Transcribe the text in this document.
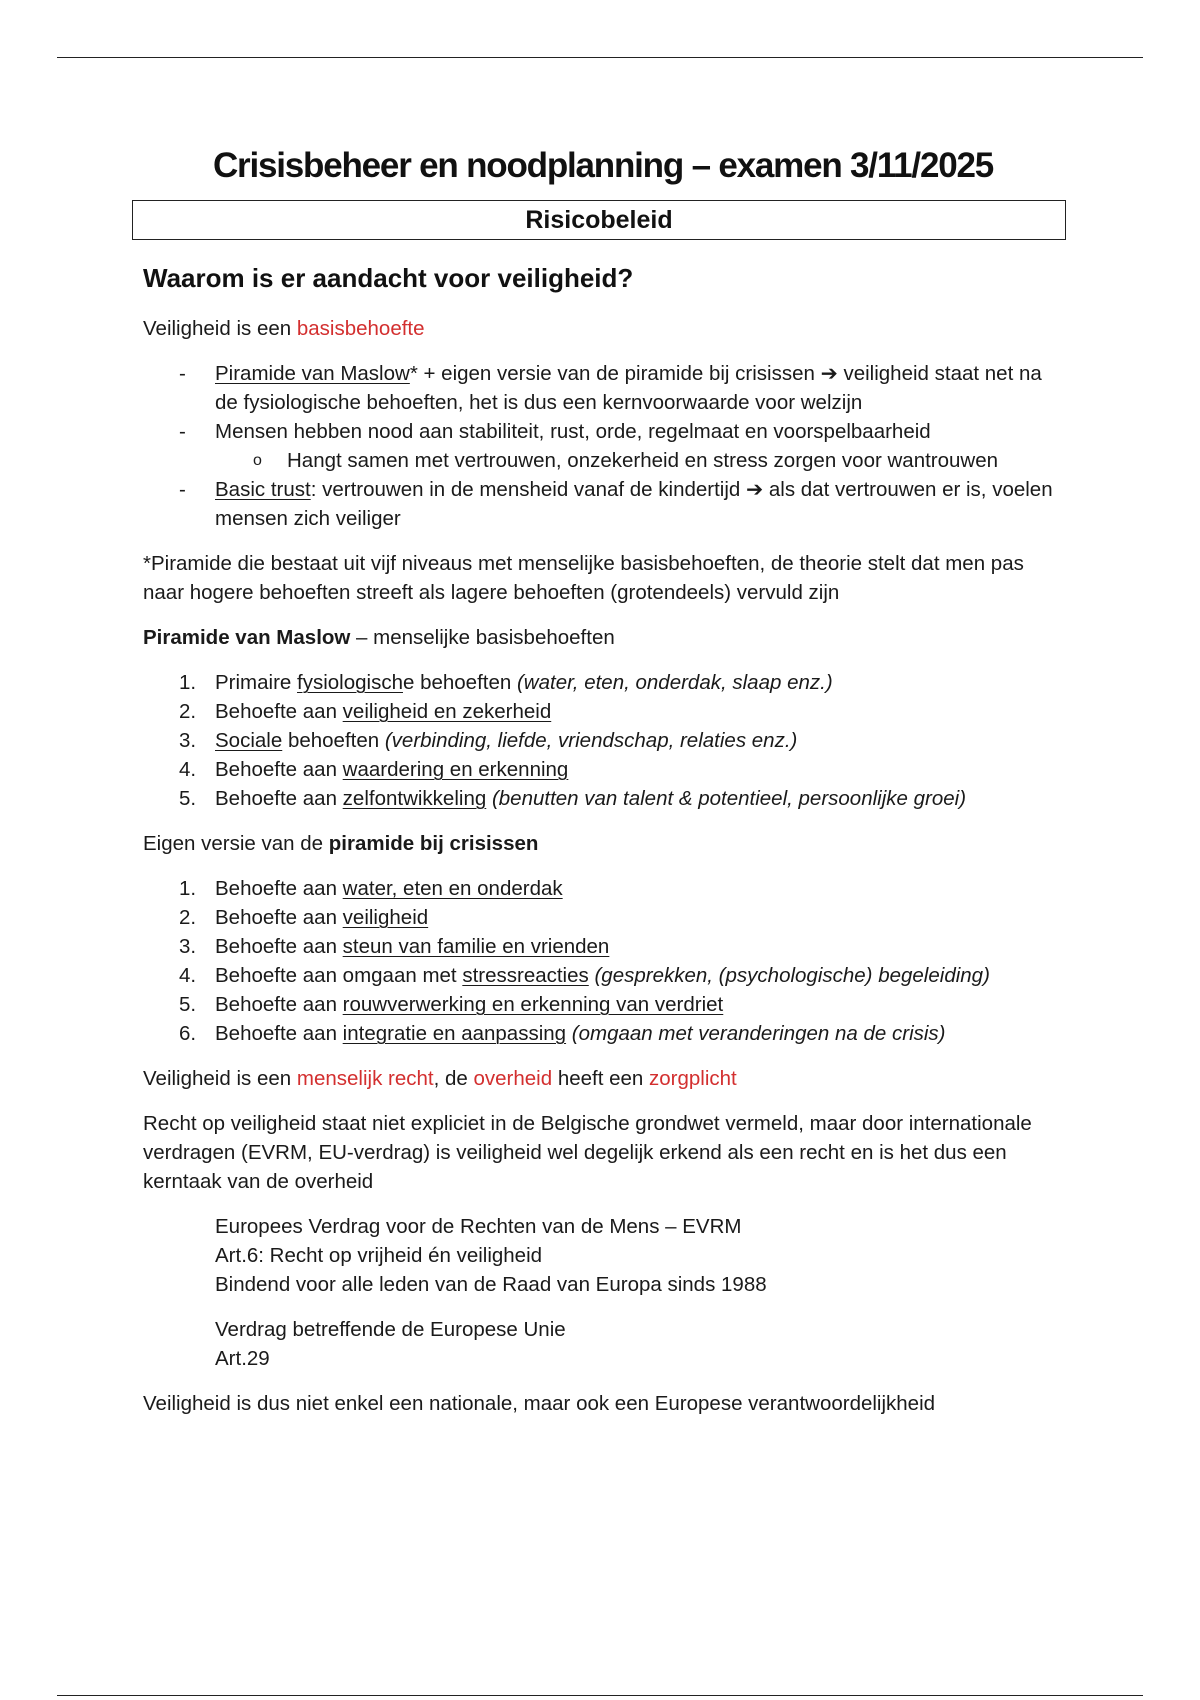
Crisisbeheer en noodplanning – examen 3/11/2025
Risicobeleid
Waarom is er aandacht voor veiligheid?

Veiligheid is een basisbehoefte

- Piramide van Maslow* + eigen versie van de piramide bij crisissen ➔ veiligheid staat net na de fysiologische behoeften, het is dus een kernvoorwaarde voor welzijn
- Mensen hebben nood aan stabiliteit, rust, orde, regelmaat en voorspelbaarheid
o Hangt samen met vertrouwen, onzekerheid en stress zorgen voor wantrouwen
- Basic trust: vertrouwen in de mensheid vanaf de kindertijd ➔ als dat vertrouwen er is, voelen mensen zich veiliger

*Piramide die bestaat uit vijf niveaus met menselijke basisbehoeften, de theorie stelt dat men pas naar hogere behoeften streeft als lagere behoeften (grotendeels) vervuld zijn

Piramide van Maslow – menselijke basisbehoeften

1. Primaire fysiologische behoeften (water, eten, onderdak, slaap enz.)
2. Behoefte aan veiligheid en zekerheid
3. Sociale behoeften (verbinding, liefde, vriendschap, relaties enz.)
4. Behoefte aan waardering en erkenning
5. Behoefte aan zelfontwikkeling (benutten van talent & potentieel, persoonlijke groei)

Eigen versie van de piramide bij crisissen

1. Behoefte aan water, eten en onderdak
2. Behoefte aan veiligheid
3. Behoefte aan steun van familie en vrienden
4. Behoefte aan omgaan met stressreacties (gesprekken, (psychologische) begeleiding)
5. Behoefte aan rouwverwerking en erkenning van verdriet
6. Behoefte aan integratie en aanpassing (omgaan met veranderingen na de crisis)

Veiligheid is een menselijk recht, de overheid heeft een zorgplicht

Recht op veiligheid staat niet expliciet in de Belgische grondwet vermeld, maar door internationale verdragen (EVRM, EU-verdrag) is veiligheid wel degelijk erkend als een recht en is het dus een kerntaak van de overheid

Europees Verdrag voor de Rechten van de Mens – EVRM
Art.6: Recht op vrijheid én veiligheid
Bindend voor alle leden van de Raad van Europa sinds 1988
Verdrag betreffende de Europese Unie
Art.29

Veiligheid is dus niet enkel een nationale, maar ook een Europese verantwoordelijkheid
